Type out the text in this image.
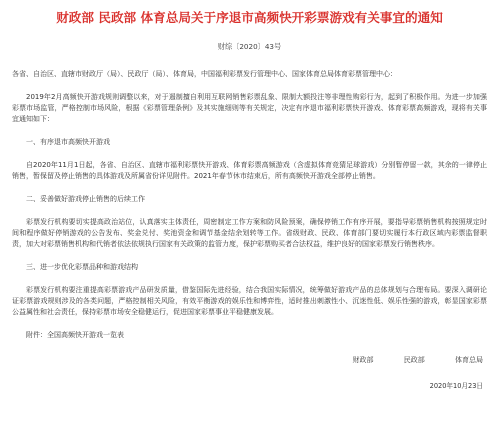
财政部 民政部 体育总局关于序退市高频快开彩票游戏有关事宜的通知
财综〔2020〕43号
各省、自治区、直辖市财政厅（局）、民政厅（局）、体育局，中国福利彩票发行管理中心、国家体育总局体育彩票管理中心：

2019年2月高频快开游戏规则调整以来，对于遏制擅自利用互联网销售彩票乱象、限制大额投注等非理性购彩行为，起到了积极作用。为进一步加强彩票市场监管，严格控制市场风险，根据《彩票管理条例》及其实施细则等有关规定，决定有序退市福利彩票快开游戏、体育彩票高频游戏，现将有关事宜通知如下：

一、有序退市高频快开游戏

自2020年11月1日起，各省、自治区、直辖市福利彩票快开游戏、体育彩票高频游戏（含虚拟体育竞猜足球游戏）分别暂停留一款，其余的一律停止销售，暂保留及停止销售的具体游戏及所属省份详见附件。2021年春节休市结束后，所有高频快开游戏全部停止销售。

二、妥善做好游戏停止销售的后续工作

彩票发行机构要切实提高政治站位，认真落实主体责任，周密制定工作方案和防风险预案，确保停销工作有序开展，要指导彩票销售机构按照规定时间和程序做好停销游戏的公告发布、奖金兑付、奖池资金和调节基金结余划转等工作。省级财政、民政、体育部门要切实履行本行政区域内彩票监督职责，加大对彩票销售机构和代销者依法依规执行国家有关政策的监管力度，保护彩票购买者合法权益，维护良好的国家彩票发行销售秩序。

三、进一步优化彩票品种和游戏结构

彩票发行机构要注重提高彩票游戏产品研发质量，借鉴国际先进经验，结合我国实际情况，统筹做好游戏产品的总体规划与合理布局。要深入调研论证彩票游戏规则涉及的各类问题，严格控制相关风险，有效平衡游戏的娱乐性和博弈性，适时推出刺激性小、沉迷性低、娱乐性强的游戏，彰显国家彩票公益属性和社会责任，保持彩票市场安全稳健运行，促进国家彩票事业平稳健康发展。

附件：全国高频快开游戏一览表

财政部	民政部	体育总局
2020年10月23日
